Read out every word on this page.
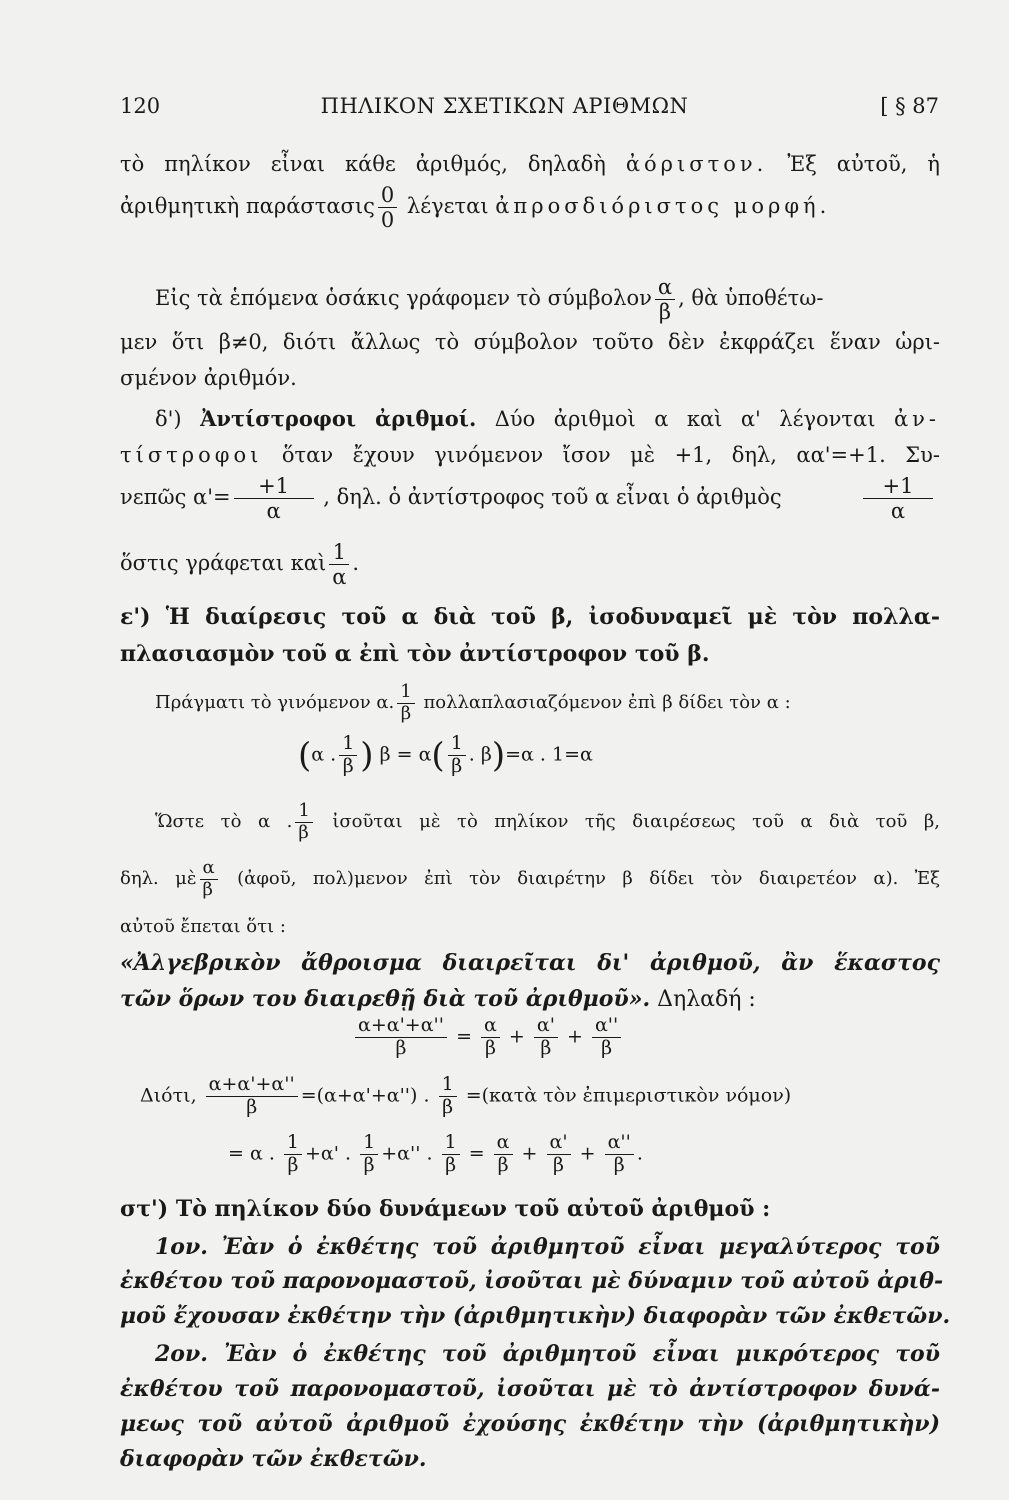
120	ΠΗΛΙΚΟΝ ΣΧΕΤΙΚΩΝ ΑΡΙΘΜΩΝ	[ § 87
τὸ πηλίκον εἶναι κάθε ἀριθμός, δηλαδὴ ἀόριστον. Ἐξ αὐτοῦ, ἡ
ἀριθμητικὴ παράστασις $\frac{0}{0}$ λέγεται ἀπροσδιόριστος μορφή.
Εἰς τὰ ἑπόμενα ὁσάκις γράφομεν τὸ σύμβολον $\frac{\alpha}{\beta}$ , θὰ ὑποθέτω-
μεν ὅτι β≠0, διότι ἄλλως τὸ σύμβολον τοῦτο δὲν ἐκφράζει ἕναν ὡρι-
σμένον ἀριθμόν.
δ') Ἀντίστροφοι ἀριθμοί. Δύο ἀριθμοὶ α καὶ α' λέγονται ἀν-
τίστροφοι ὅταν ἔχουν γινόμενον ἴσον μὲ +1, δηλ, αα'=+1. Συ-
νεπῶς $\alpha'= \frac{+1}{\alpha}$ , δηλ. ὁ ἀντίστροφος τοῦ α εἶναι ὁ ἀριθμὸς	$\frac{+1}{\alpha}$
ὅστις γράφεται καὶ $\frac{1}{\alpha}$ .
ε') Ἡ διαίρεσις τοῦ α διὰ τοῦ β, ἰσοδυναμεῖ μὲ τὸν πολλα-
πλασιασμὸν τοῦ α ἐπὶ τὸν ἀντίστροφον τοῦ β.
Πράγματι τὸ γινόμενον α. $\frac{1}{\beta}$ πολλαπλασιαζόμενον ἐπὶ β δίδει τὸν α :
(α . $\frac{1}{\beta}$ ) $\beta = \alpha( \frac{1}{\beta}$ . β)=α . 1=α
Ὥστε τὸ α . $\frac{1}{\beta}$ ἰσοῦται μὲ τὸ πηλίκον τῆς διαιρέσεως τοῦ α διὰ τοῦ β,
δηλ. μὲ $\frac{\alpha}{\beta}$ (ἀφοῦ, πολ)μενον ἐπὶ τὸν διαιρέτην β δίδει τὸν διαιρετέον α). Ἐξ
αὐτοῦ ἔπεται ὅτι :
«Ἀλγεβρικὸν ἄθροισμα διαιρεῖται δι' ἀριθμοῦ, ἂν ἕκαστος
τῶν ὅρων του διαιρεθῇ διὰ τοῦ ἀριθμοῦ». Δηλαδή :
$\frac{\alpha+\alpha'+\alpha''}{\beta} = \frac{\alpha}{\beta} + \frac{\alpha'}{\beta} + \frac{\alpha''}{\beta}$
Διότι, $\frac{\alpha+\alpha'+\alpha''}{\beta} =(\alpha+\alpha'+\alpha'')$ . $\frac{1}{\beta}$ =(κατὰ τὸν ἐπιμεριστικὸν νόμον)
= α . $\frac{1}{\beta} +\alpha'$ . $\frac{1}{\beta} +\alpha''$ . $\frac{1}{\beta} = \frac{\alpha}{\beta} + \frac{\alpha'}{\beta} + \frac{\alpha''}{\beta}$ .
στ') Τὸ πηλίκον δύο δυνάμεων τοῦ αὐτοῦ ἀριθμοῦ :
1ον. Ἐὰν ὁ ἐκθέτης τοῦ ἀριθμητοῦ εἶναι μεγαλύτερος τοῦ
ἐκθέτου τοῦ παρονομαστοῦ, ἰσοῦται μὲ δύναμιν τοῦ αὐτοῦ ἀριθ-
μοῦ ἔχουσαν ἐκθέτην τὴν (ἀριθμητικὴν) διαφορὰν τῶν ἐκθετῶν.
2ον. Ἐὰν ὁ ἐκθέτης τοῦ ἀριθμητοῦ εἶναι μικρότερος τοῦ
ἐκθέτου τοῦ παρονομαστοῦ, ἰσοῦται μὲ τὸ ἀντίστροφον δυνά-
μεως τοῦ αὐτοῦ ἀριθμοῦ ἐχούσης ἐκθέτην τὴν (ἀριθμητικὴν)
διαφορὰν τῶν ἐκθετῶν.
